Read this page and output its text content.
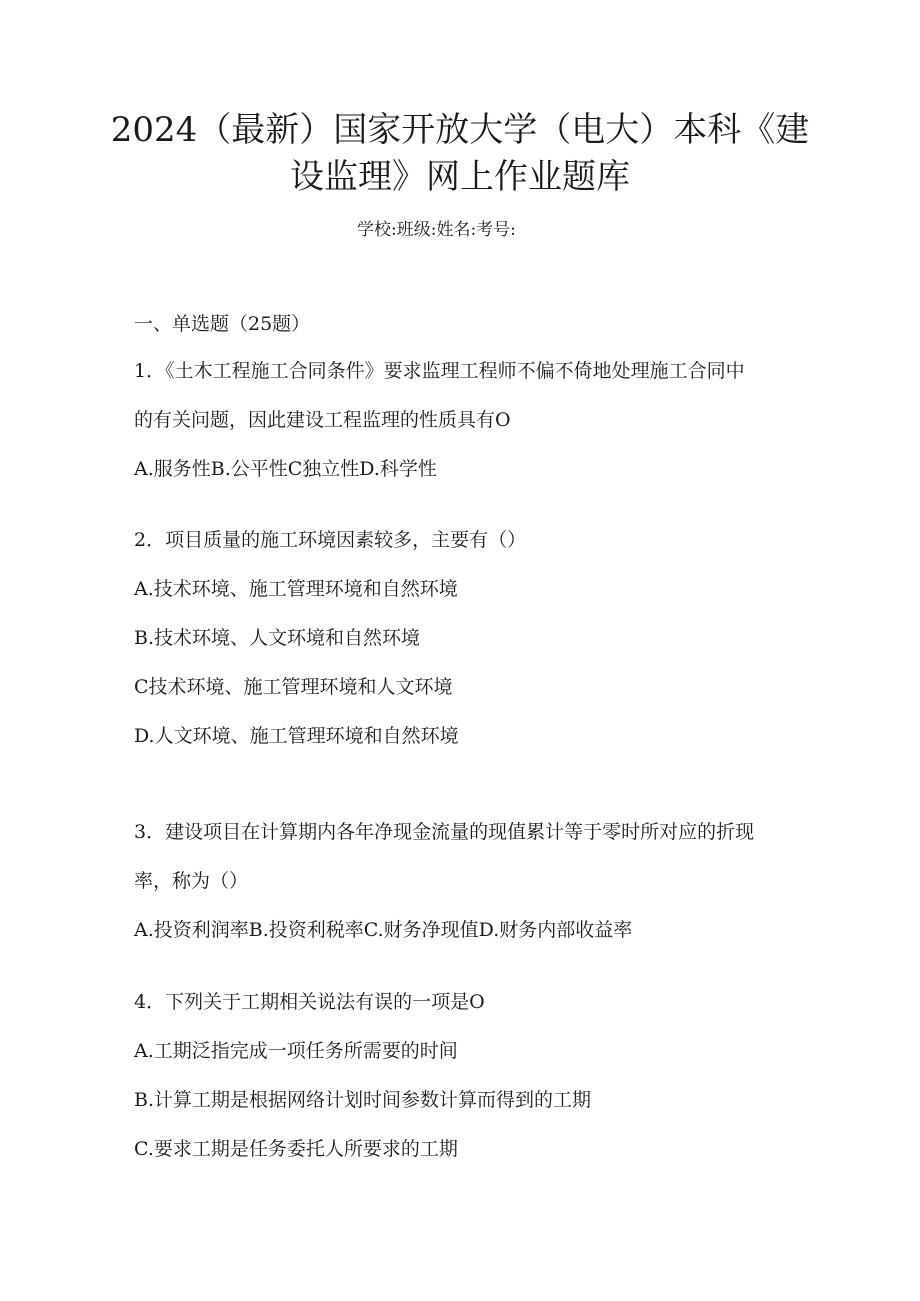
2024（最新）国家开放大学（电大）本科《建
设监理》网上作业题库
学校:班级:姓名:考号:
一、单选题（25题）
1．《土木工程施工合同条件》要求监理工程师不偏不倚地处理施工合同中
的有关问题，因此建设工程监理的性质具有O
A.服务性B.公平性C独立性D.科学性
2．项目质量的施工环境因素较多，主要有（）
A.技术环境、施工管理环境和自然环境
B.技术环境、人文环境和自然环境
C技术环境、施工管理环境和人文环境
D.人文环境、施工管理环境和自然环境
3．建设项目在计算期内各年净现金流量的现值累计等于零时所对应的折现
率，称为（）
A.投资利润率B.投资利税率C.财务净现值D.财务内部收益率
4．下列关于工期相关说法有误的一项是O
A.工期泛指完成一项任务所需要的时间
B.计算工期是根据网络计划时间参数计算而得到的工期
C.要求工期是任务委托人所要求的工期
